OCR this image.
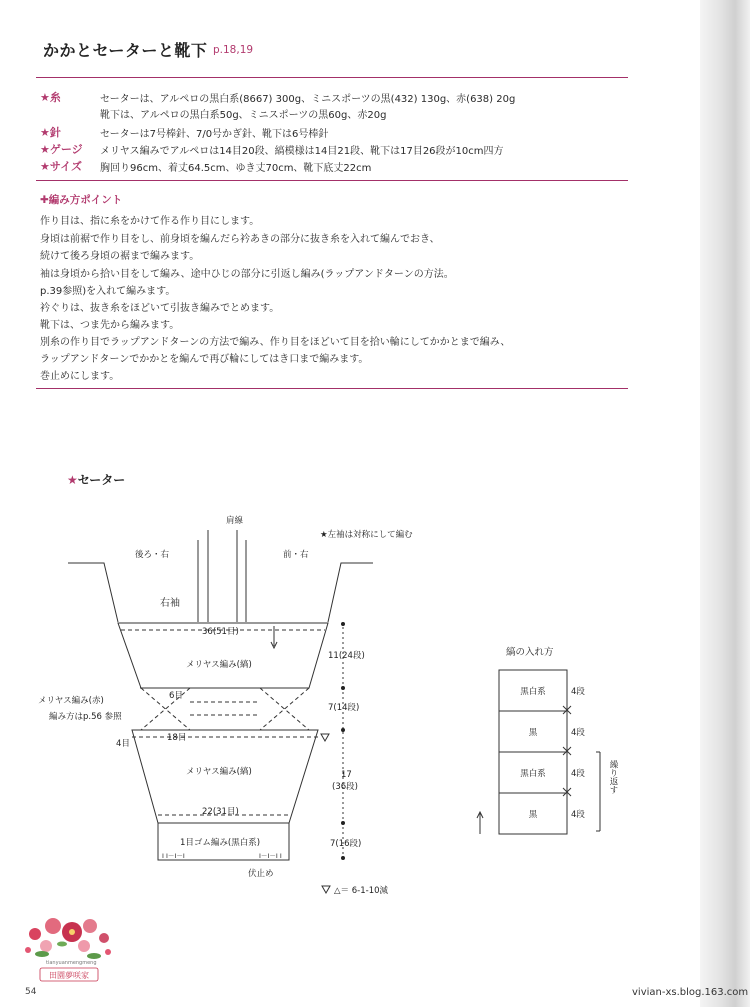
かかとセーターと靴下 p.18,19
★糸	セーターは、アルペロの黒白系(8667) 300g、ミニスポーツの黒(432) 130g、赤(638) 20g
靴下は、アルペロの黒白系50g、ミニスポーツの黒60g、赤20g
★針	セーターは7号棒針、7/0号かぎ針、靴下は6号棒針
★ゲージ メリヤス編みでアルペロは14目20段、縞模様は14目21段、靴下は17目26段が10cm四方
★サイズ 胸回り96cm、着丈64.5cm、ゆき丈70cm、靴下底丈22cm
✚編み方ポイント
作り目は、指に糸をかけて作る作り目にします。
身頃は前裾で作り目をし、前身頃を編んだら衿あきの部分に抜き糸を入れて編んでおき、
続けて後ろ身頃の裾まで編みます。
袖は身頃から拾い目をして編み、途中ひじの部分に引返し編み(ラップアンドターンの方法。
p.39参照)を入れて編みます。
衿ぐりは、抜き糸をほどいて引抜き編みでとめます。
靴下は、つま先から編みます。
別糸の作り目でラップアンドターンの方法で編み、作り目をほどいて目を拾い輪にしてかかとまで編み、
ラップアンドターンでかかとを編んで再び輪にしてはき口まで編みます。
巻止めにします。
★セーター
肩線
後ろ・右	前・右
★左袖は対称にして編む
右袖
36(51目)
メリヤス編み(縞)
11(24段)
7(14段)
メリヤス編み(赤)
編み方はp.56 参照
6目
18目
4目
メリヤス編み(縞)	17
(36段)
22(31目)
1目ゴム編み(黒白系)
I I－I－I	I－I－I I
7(16段)
伏止め
△＝ 6-1-10減
縞の入れ方
黒白系
黒
黒白系
黒
4段
4段
4段
4段
繰り返す
tianyuanmengmeng
田園夢咲家
54	vivian-xs.blog.163.com
